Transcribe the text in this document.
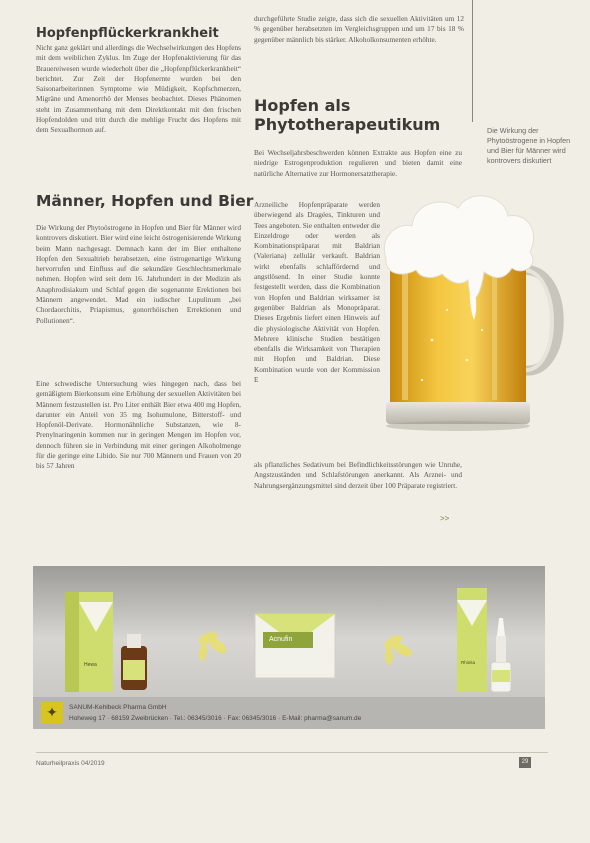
Hopfenpflückerkrankheit

Nicht ganz geklärt und allerdings die Wechselwirkungen des Hopfens mit dem weiblichen Zyklus. Im Zuge der Hopfenaktivierung für das Brauereiwesen wurde wiederholt über die „Hopfenpflückerkrankheit“ berichtet. Zur Zeit der Hopfenernte wurden bei den Saisonarbeiterinnen Symptome wie Müdigkeit, Kopfschmerzen, Migräne und Amenorrhö der Menses beobachtet. Dieses Phänomen steht im Zusammenhang mit dem Direktkontakt mit den frischen Hopfendolden und tritt durch die mehlige Frucht des Hopfens mit dem Sexualhormon auf.

Männer, Hopfen und Bier

Die Wirkung der Phytoöstrogene in Hopfen und Bier für Männer wird kontrovers diskutiert. Bier wird eine leicht östrogenisierende Wirkung beim Mann nachgesagt. Demnach kann der im Bier enthaltene Hopfen den Sexualtrieb herabsetzen, eine östrogenartige Wirkung hervorrufen und Einfluss auf die sekundäre Geschlechtsmerkmale nehmen. Hopfen wird seit dem 16. Jahrhundert in der Medizin als Anaphrodisiakum und Schlaf gegen die sogenannte Erektionen bei Männern angewendet. Mad ein iudischer Lupulinum „bei Chordaorchitis, Priapismus, gonorrhöischen Errektionen und Pollutionen“.

Eine schwedische Untersuchung wies hingegen nach, dass bei gemäßigtem Bierkonsum eine Erhöhung der sexuellen Aktivitäten bei Männern festzustellen ist. Pro Liter enthält Bier etwa 400 mg Hopfen, darunter ein Anteil von 35 mg Isohumulone, Bitterstoff- und Hopfenöl-Derivate. Hormonähnliche Substanzen, wie 8-Prenylnaringenin kommen nur in geringen Mengen im Hopfen vor, dennoch führen sie in Verbindung mit einer geringen Alkoholmenge für die geringe eine Libido. Sie nur 700 Männern und Frauen von 20 bis 57 Jahren

durchgeführte Studie zeigte, dass sich die sexuellen Aktivitäten um 12 % gegenüber herabsetzten im Vergleichsgruppen und um 17 bis 18 % gegenüber männlich bis stärker. Alkoholkonsumenten erhöhte.

Hopfen als Phytotherapeutikum

Bei Wechseljahrsbeschwerden können Extrakte aus Hopfen eine zu niedrige Estrogenproduktion regulieren und bieten damit eine natürliche Alternative zur Hormonersatztherapie.

Arzneiliche Hopfenpräparate werden überwiegend als Dragées, Tinkturen und Tees angeboten. Sie enthalten entweder die Einzeldroge oder werden als Kombinationspräparat mit Baldrian (Valeriana) zellulär verkauft. Baldrian wirkt ebenfalls schlaffördernd und angstlösend. In einer Studie konnte festgestellt werden, dass die Kombination von Hopfen und Baldrian wirksamer ist gegenüber Baldrian als Monopräparat. Dieses Ergebnis liefert einen Hinweis auf die physiologische Aktivität von Hopfen. Mehrere klinische Studien bestätigen ebenfalls die Wirksamkeit von Therapien mit Hopfen und Baldrian. Diese Kombination wurde von der Kommission E

als pflanzliches Sedativum bei Befindlichkeitsstörungen wie Unruhe, Angstzuständen und Schlafstörungen anerkannt. Als Arznei- und Nahrungsergänzungsmittel sind derzeit über 100 Präparate registriert.

>>

Die Wirkung der Phytoöstrogene in Hopfen und Bier für Männer wird kontrovers diskutiert

Hewa
Acnufin
Rhinita
✦	SANUM-Kehlbeck Pharma GmbH
Hoheweg 17 · 68159 Zweibrücken · Tel.: 06345/3016 · Fax: 06345/3016 · E-Mail: pharma@sanum.de
Naturheilpraxis 04/2019	29
